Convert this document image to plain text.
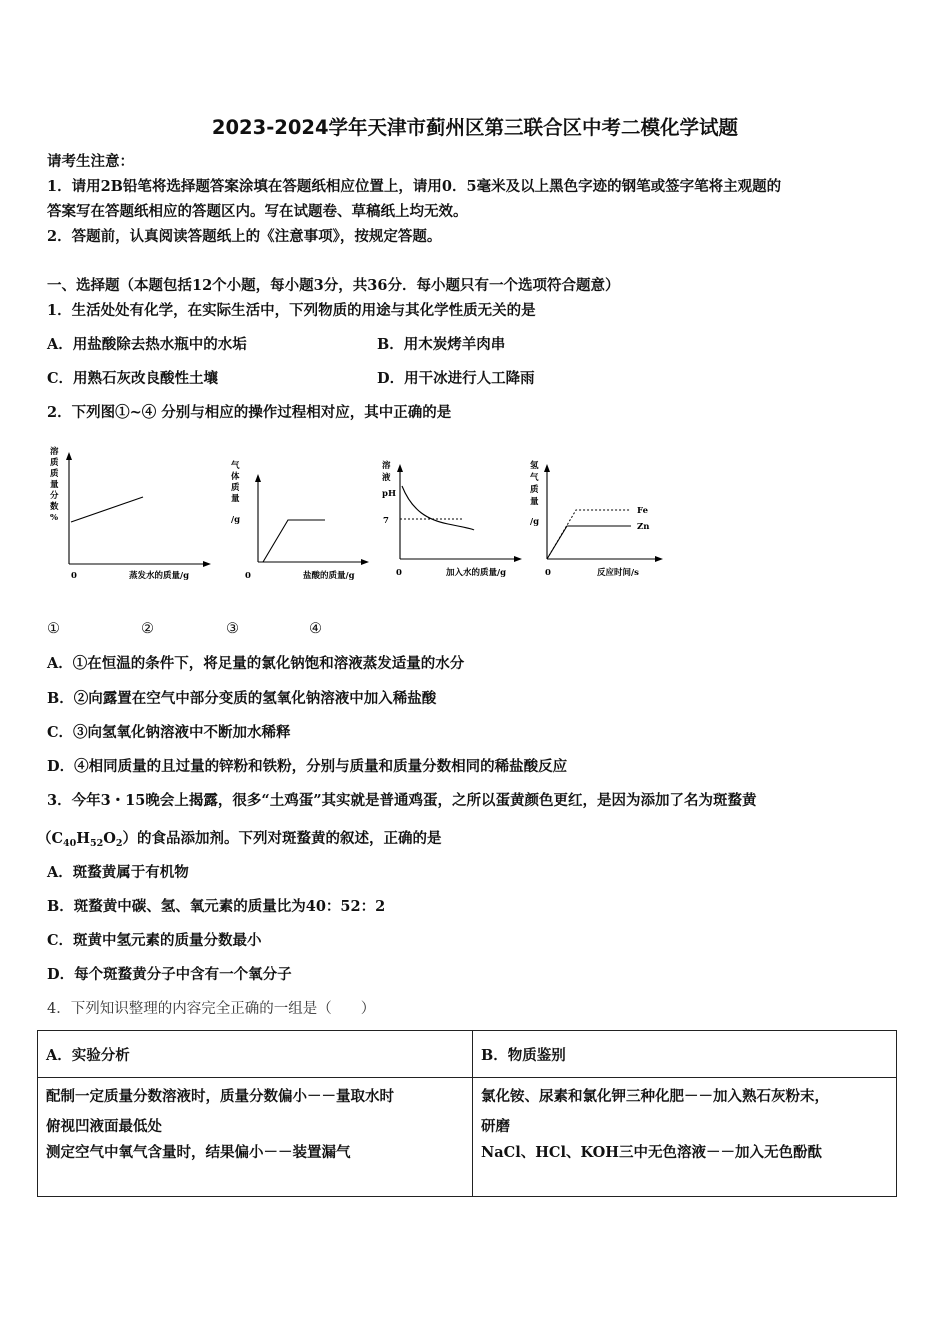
2023-2024学年天津市蓟州区第三联合区中考二模化学试题
请考生注意：
1．请用2B铅笔将选择题答案涂填在答题纸相应位置上，请用0．5毫米及以上黑色字迹的钢笔或签字笔将主观题的
答案写在答题纸相应的答题区内。写在试题卷、草稿纸上均无效。
2．答题前，认真阅读答题纸上的《注意事项》，按规定答题。
一、选择题（本题包括12个小题，每小题3分，共36分．每小题只有一个选项符合题意）
1．生活处处有化学，在实际生活中，下列物质的用途与其化学性质无关的是
A．用盐酸除去热水瓶中的水垢	B．用木炭烤羊肉串
C．用熟石灰改良酸性土壤	D．用干冰进行人工降雨
2．下列图①~④ 分别与相应的操作过程相对应，其中正确的是
溶
质
质
量
分
数
%
0	蒸发水的质量/g
气
体
质
量
/g
0	盐酸的质量/g
溶
液
pH
7
0	加入水的质量/g
氢
气
质
量
/g
0	反应时间/s
Fe
Zn
①	②	③	④
A．①在恒温的条件下，将足量的氯化钠饱和溶液蒸发适量的水分
B．②向露置在空气中部分变质的氢氧化钠溶液中加入稀盐酸
C．③向氢氧化钠溶液中不断加水稀释
D．④相同质量的且过量的锌粉和铁粉，分别与质量和质量分数相同的稀盐酸反应
3．今年3・15晚会上揭露，很多“土鸡蛋”其实就是普通鸡蛋，之所以蛋黄颜色更红，是因为添加了名为斑蝥黄
$(C_{40}H_{52}O_2)$的食品添加剂。下列对斑蝥黄的叙述，正确的是
A．斑蝥黄属于有机物
B．斑蝥黄中碳、氢、氧元素的质量比为40：52：2
C．斑黄中氢元素的质量分数最小
D．每个斑蝥黄分子中含有一个氧分子
4．下列知识整理的内容完全正确的一组是（　　）
A．实验分析	B．物质鉴别

配制一定质量分数溶液时，质量分数偏小－－量取水时
俯视凹液面最低处
测定空气中氧气含量时，结果偏小－－装置漏气	氯化铵、尿素和氯化钾三种化肥－－加入熟石灰粉末，
研磨
NaCl、HCl、KOH三中无色溶液－－加入无色酚酞
